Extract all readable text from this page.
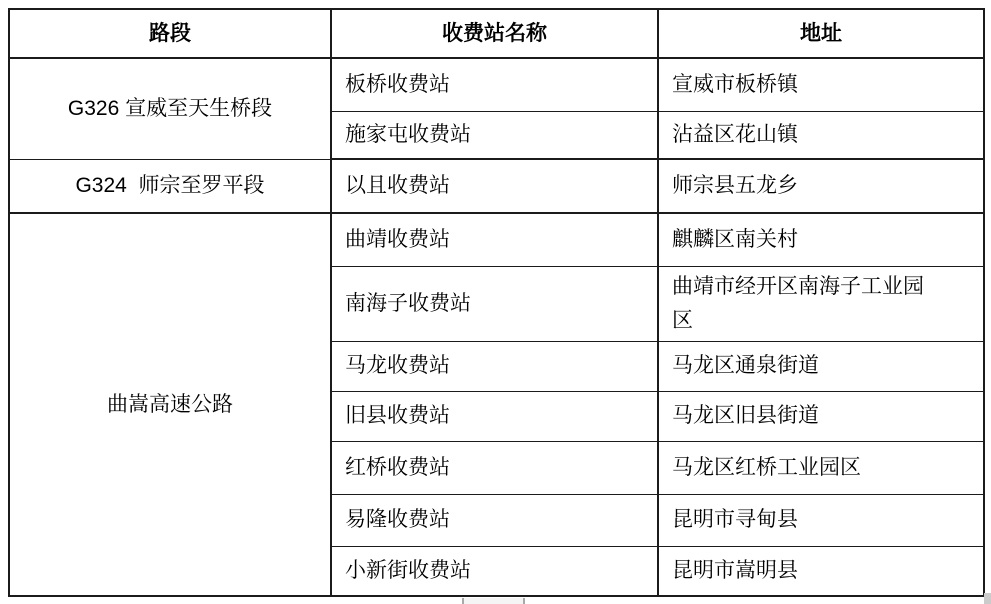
路段	收费站名称	地址
G326 宣威至天生桥段	板桥收费站	宣威市板桥镇
	施家屯收费站	沾益区花山镇
G324  师宗至罗平段	以且收费站	师宗县五龙乡
曲嵩高速公路	曲靖收费站	麒麟区南关村
	南海子收费站	曲靖市经开区南海子工业园区
	马龙收费站	马龙区通泉街道
	旧县收费站	马龙区旧县街道
	红桥收费站	马龙区红桥工业园区
	易隆收费站	昆明市寻甸县
	小新街收费站	昆明市嵩明县
